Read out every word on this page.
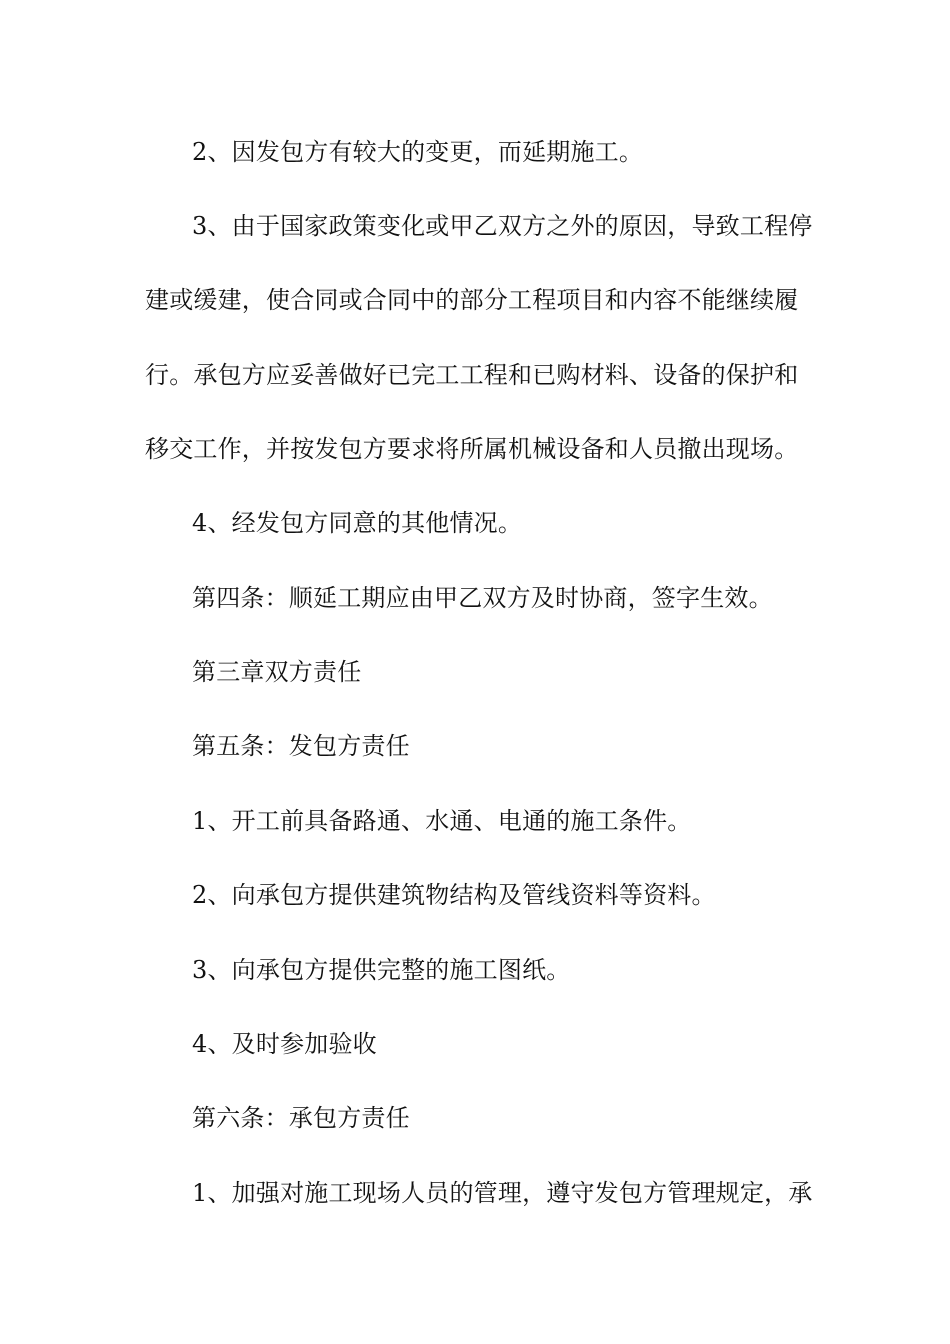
2、因发包方有较大的变更，而延期施工。
3、由于国家政策变化或甲乙双方之外的原因，导致工程停
建或缓建，使合同或合同中的部分工程项目和内容不能继续履
行。承包方应妥善做好已完工工程和已购材料、设备的保护和
移交工作，并按发包方要求将所属机械设备和人员撤出现场。
4、经发包方同意的其他情况。
第四条：顺延工期应由甲乙双方及时协商，签字生效。
第三章双方责任
第五条：发包方责任
1、开工前具备路通、水通、电通的施工条件。
2、向承包方提供建筑物结构及管线资料等资料。
3、向承包方提供完整的施工图纸。
4、及时参加验收
第六条：承包方责任
1、加强对施工现场人员的管理，遵守发包方管理规定，承
